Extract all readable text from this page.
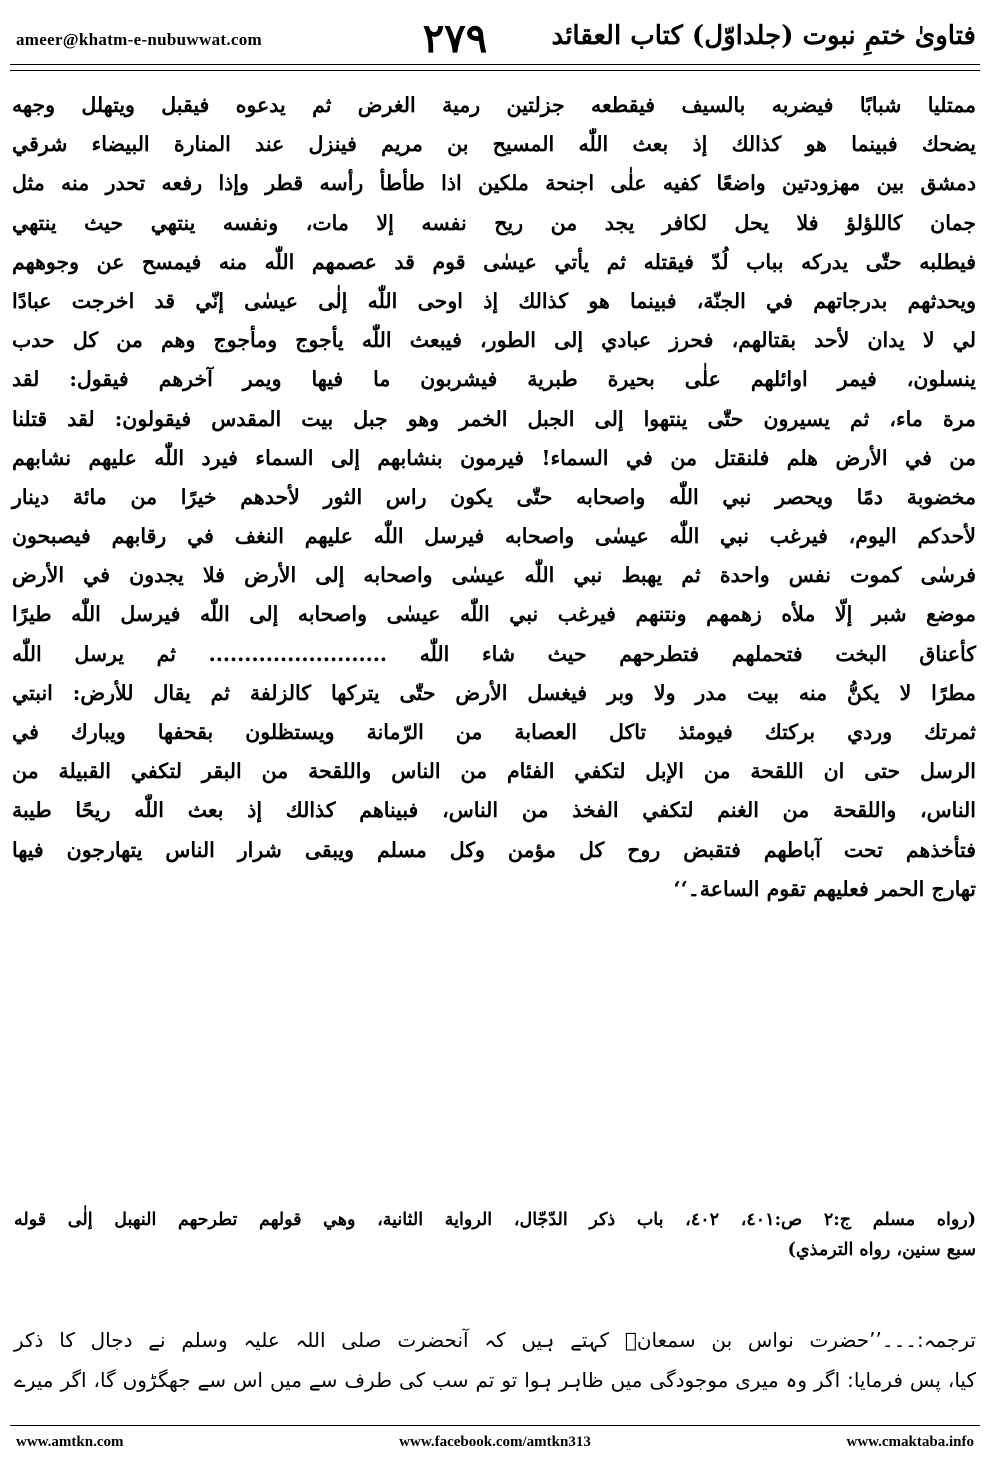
ameer@khatm-e-nubuwwat.com	٢٧٩	فتاویٰ ختمِ نبوت (جلداوّل) کتاب العقائد
ممتليا شبابًا فيضربه بالسيف فيقطعه جزلتين رمية الغرض ثم يدعوه فيقبل ويتهلل وجهه
يضحك فبينما هو كذالك إذ بعث اللّٰه المسيح بن مريم فينزل عند المنارة البيضاء شرقي
دمشق بين مهزودتين واضعًا كفيه علٰى اجنحة ملكين اذا طأطأ رأسه قطر وإذا رفعه تحدر منه مثل
جمان كاللؤلؤ فلا يحل لكافر يجد من ريح نفسه إلا مات، ونفسه ينتهي حيث ينتهي
فيطلبه حتّٰى يدركه بباب لُدّ فيقتله ثم يأتي عيسٰى قوم قد عصمهم اللّٰه منه فيمسح عن وجوههم
ويحدثهم بدرجاتهم في الجنّة، فبينما هو كذالك إذ اوحى اللّٰه إلٰى عيسٰى إنّي قد اخرجت عبادًا
لي لا يدان لأحد بقتالهم، فحرز عبادي إلى الطور، فيبعث اللّٰه يأجوج ومأجوج وهم من كل حدب
ينسلون، فيمر اوائلهم علٰى بحيرة طبرية فيشربون ما فيها ويمر آخرهم فيقول: لقد
مرة ماء، ثم يسيرون حتّٰى ينتهوا إلى الجبل الخمر وهو جبل بيت المقدس فيقولون: لقد قتلنا
من في الأرض هلم فلنقتل من في السماء! فيرمون بنشابهم إلى السماء فيرد اللّٰه عليهم نشابهم
مخضوبة دمًا ويحصر نبي اللّٰه واصحابه حتّٰى يكون راس الثور لأحدهم خيرًا من مائة دينار
لأحدكم اليوم، فيرغب نبي اللّٰه عيسٰى واصحابه فيرسل اللّٰه عليهم النغف في رقابهم فيصبحون
فرسٰى كموت نفس واحدة ثم يهبط نبي اللّٰه عيسٰى واصحابه إلى الأرض فلا يجدون في الأرض
موضع شبر إلّا ملأه زهمهم ونتنهم فيرغب نبي اللّٰه عيسٰى واصحابه إلى اللّٰه فيرسل اللّٰه طيرًا
كأعناق البخت فتحملهم فتطرحهم حيث شاء اللّٰه ......................... ثم يرسل اللّٰه
مطرًا لا يكنُّ منه بيت مدر ولا وبر فيغسل الأرض حتّٰى يتركها كالزلفة ثم يقال للأرض: انبتي
ثمرتك وردي بركتك فيومئذ تاكل العصابة من الرّمانة ويستظلون بقحفها ويبارك في
الرسل حتى ان اللقحة من الإبل لتكفي الفئام من الناس واللقحة من البقر لتكفي القبيلة من
الناس، واللقحة من الغنم لتكفي الفخذ من الناس، فبيناهم كذالك إذ بعث اللّٰه ريحًا طيبة
فتأخذهم تحت آباطهم فتقبض روح كل مؤمن وكل مسلم ويبقى شرار الناس يتهارجون فيها
تهارج الحمر فعليهم تقوم الساعة۔‘‘
(رواه مسلم ج:٢ ص:٤٠١، ٤٠٢، باب ذكر الدّجّال، الرواية الثانية، وهي قولهم تطرحهم النهبل إلٰى قوله
سبع سنين، رواه الترمذي)
ترجمہ:۔۔۔’’حضرت نواس بن سمعانؓ کہتے ہیں کہ آنحضرت صلی اللہ علیہ وسلم نے دجال کا ذکر
کیا، پس فرمایا: اگر وہ میری موجودگی میں ظاہر ہوا تو تم سب کی طرف سے میں اس سے جھگڑوں گا، اگر میرے
www.amtkn.com	www.facebook.com/amtkn313	www.cmaktaba.info
